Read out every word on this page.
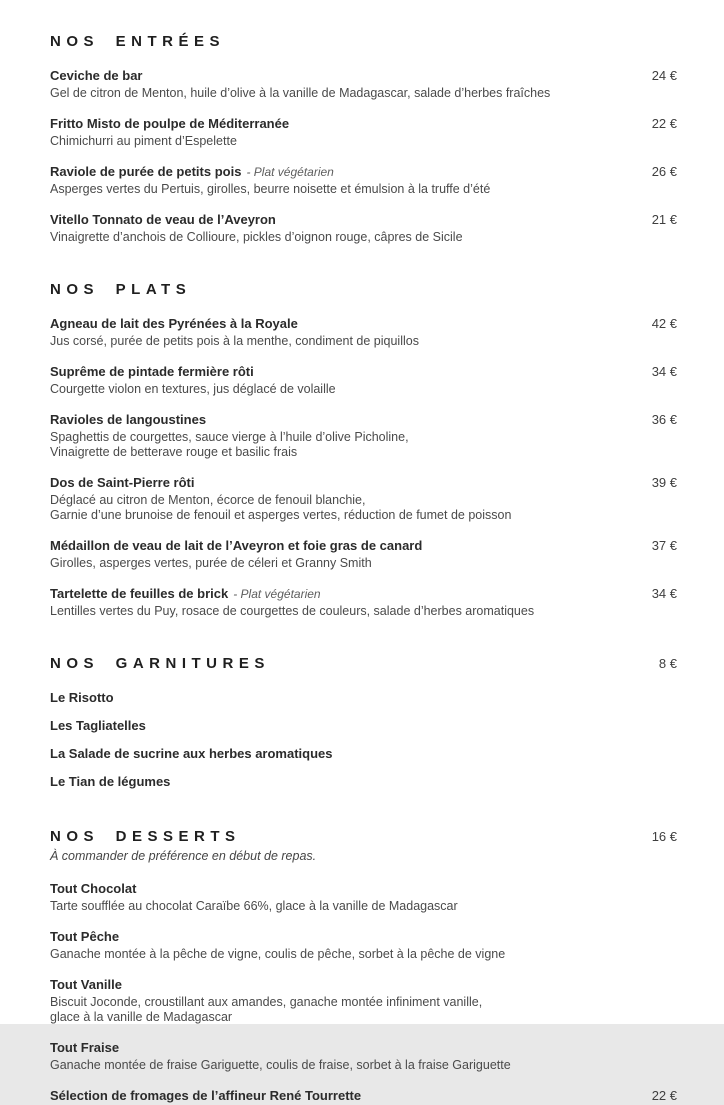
NOS ENTRÉES
Ceviche de bar	24 €
Gel de citron de Menton, huile d’olive à la vanille de Madagascar, salade d’herbes fraîches
Fritto Misto de poulpe de Méditerranée	22 €
Chimichurri au piment d’Espelette
Raviole de purée de petits pois - Plat végétarien	26 €
Asperges vertes du Pertuis, girolles, beurre noisette et émulsion à la truffe d’été
Vitello Tonnato de veau de l’Aveyron	21 €
Vinaigrette d’anchois de Collioure, pickles d’oignon rouge, câpres de Sicile
NOS PLATS
Agneau de lait des Pyrénées à la Royale	42 €
Jus corsé, purée de petits pois à la menthe, condiment de piquillos
Suprême de pintade fermière rôti	34 €
Courgette violon en textures, jus déglacé de volaille
Ravioles de langoustines	36 €
Spaghettis de courgettes, sauce vierge à l’huile d’olive Picholine,
Vinaigrette de betterave rouge et basilic frais
Dos de Saint-Pierre rôti	39 €
Déglacé au citron de Menton, écorce de fenouil blanchie,
Garnie d’une brunoise de fenouil et asperges vertes, réduction de fumet de poisson
Médaillon de veau de lait de l’Aveyron et foie gras de canard	37 €
Girolles, asperges vertes, purée de céleri et Granny Smith
Tartelette de feuilles de brick - Plat végétarien	34 €
Lentilles vertes du Puy, rosace de courgettes de couleurs, salade d’herbes aromatiques
NOS GARNITURES	8 €
Le Risotto
Les Tagliatelles
La Salade de sucrine aux herbes aromatiques
Le Tian de légumes
NOS DESSERTS	16 €
À commander de préférence en début de repas.
Tout Chocolat
Tarte soufflée au chocolat Caraïbe 66%, glace à la vanille de Madagascar
Tout Pêche
Ganache montée à la pêche de vigne, coulis de pêche, sorbet à la pêche de vigne
Tout Vanille
Biscuit Joconde, croustillant aux amandes, ganache montée infiniment vanille,
glace à la vanille de Madagascar
Tout Fraise
Ganache montée de fraise Gariguette, coulis de fraise, sorbet à la fraise Gariguette
Sélection de fromages de l’affineur René Tourrette	22 €
